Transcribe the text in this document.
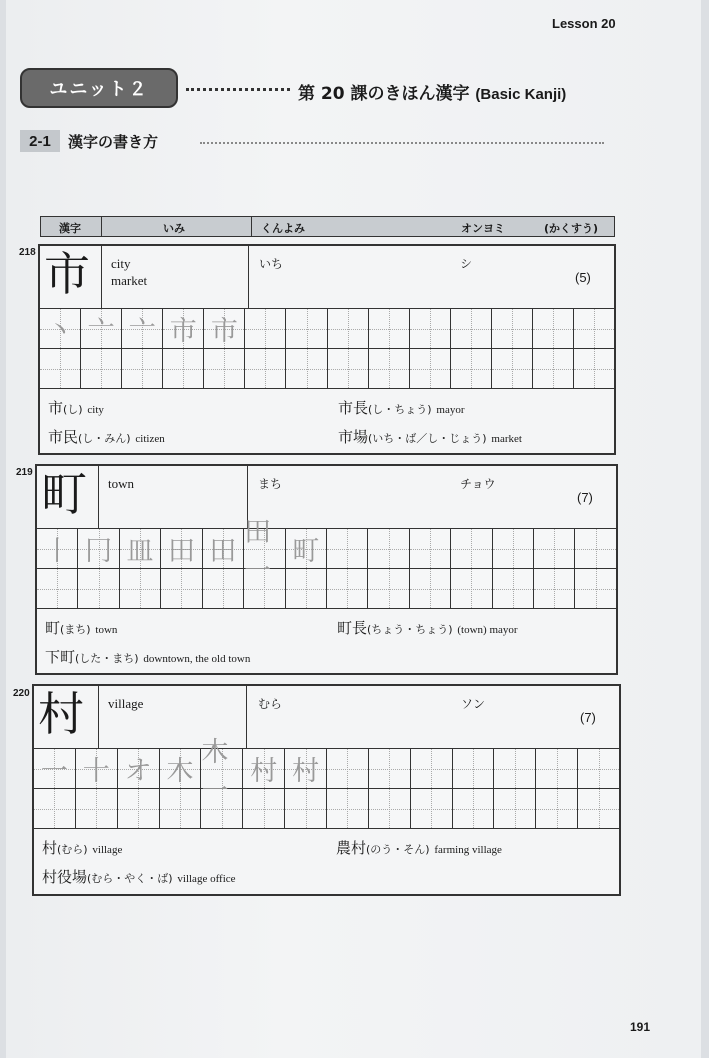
Lesson 20
ユニット２	第 20 課のきほん漢字 (Basic Kanji)
2-1	漢字の書き方
漢字	いみ	くんよみ	オンヨミ	(かくすう)
218 市 city
market
いち	シ
(5)
丶 亠 亠 市 市
市(し) city	市長(し・ちょう) mayor
市民(し・みん) citizen	市場(いち・ば／し・じょう) market
219 町 town	まち	チョウ
(7)
丨 冂 皿 田 田
田
町
町(まち) town	町長(ちょう・ちょう) (town) mayor
下町(した・まち) downtown, the old town
220 村 village	むら	ソン
(7)
一 十 オ 木
木
村 村
村(むら) village	農村(のう・そん) farming village
村役場(むら・やく・ば) village office
191
